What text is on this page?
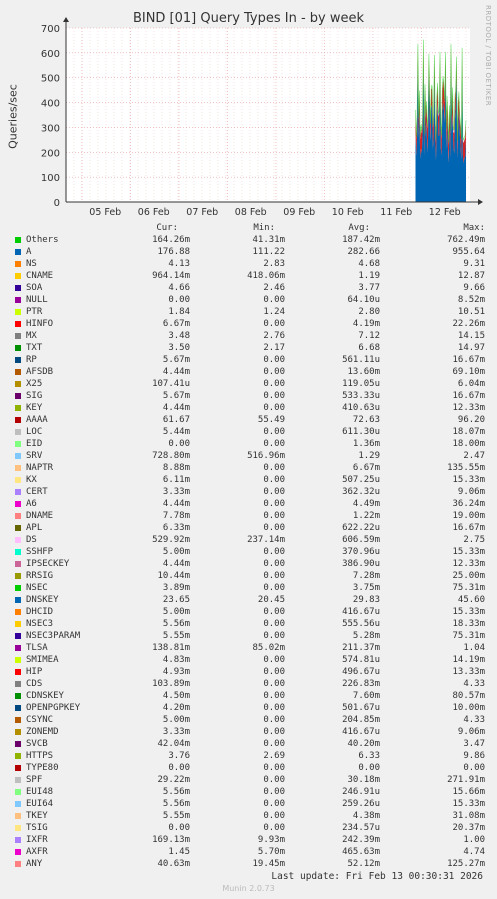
0
100
200
300
400
500
600
700
05 Feb 06 Feb 07 Feb 08 Feb 09 Feb 10 Feb 11 Feb 12 Feb
BIND [01] Query Types In - by week	RRDTOOL / TOBI OETIKER
Queries/sec
Cur:	Min:	Avg:	Max:
Others	164.26m	41.31m	187.42m	762.49m
A	176.88	111.22	282.66	955.64
NS	4.13	2.83	4.68	9.31
CNAME	964.14m	418.06m	1.19	12.87
SOA	4.66	2.46	3.77	9.66
NULL	0.00	0.00	64.10u	8.52m
PTR	1.84	1.24	2.80	10.51
HINFO	6.67m	0.00	4.19m	22.26m
MX	3.48	2.76	7.12	14.15
TXT	3.50	2.17	6.68	14.97
RP	5.67m	0.00	561.11u	16.67m
AFSDB	4.44m	0.00	13.60m	69.10m
X25	107.41u	0.00	119.05u	6.04m
SIG	5.67m	0.00	533.33u	16.67m
KEY	4.44m	0.00	410.63u	12.33m
AAAA	61.67	55.49	72.63	96.20
LOC	5.44m	0.00	611.30u	18.07m
EID	0.00	0.00	1.36m	18.00m
SRV	728.80m	516.96m	1.29	2.47
NAPTR	8.88m	0.00	6.67m	135.55m
KX	6.11m	0.00	507.25u	15.33m
CERT	3.33m	0.00	362.32u	9.06m
A6	4.44m	0.00	4.49m	36.24m
DNAME	7.78m	0.00	1.22m	19.00m
APL	6.33m	0.00	622.22u	16.67m
DS	529.92m	237.14m	606.59m	2.75
SSHFP	5.00m	0.00	370.96u	15.33m
IPSECKEY	4.44m	0.00	386.90u	12.33m
RRSIG	10.44m	0.00	7.28m	25.00m
NSEC	3.89m	0.00	3.75m	75.31m
DNSKEY	23.65	20.45	29.83	45.60
DHCID	5.00m	0.00	416.67u	15.33m
NSEC3	5.56m	0.00	555.56u	18.33m
NSEC3PARAM	5.55m	0.00	5.28m	75.31m
TLSA	138.81m	85.02m	211.37m	1.04
SMIMEA	4.83m	0.00	574.81u	14.19m
HIP	4.93m	0.00	496.67u	13.33m
CDS	103.89m	0.00	226.83m	4.33
CDNSKEY	4.50m	0.00	7.60m	80.57m
OPENPGPKEY	4.20m	0.00	501.67u	10.00m
CSYNC	5.00m	0.00	204.85m	4.33
ZONEMD	3.33m	0.00	416.67u	9.06m
SVCB	42.04m	0.00	40.20m	3.47
HTTPS	3.76	2.69	6.33	9.86
TYPE80	0.00	0.00	0.00	0.00
SPF	29.22m	0.00	30.18m	271.91m
EUI48	5.56m	0.00	246.91u	15.66m
EUI64	5.56m	0.00	259.26u	15.33m
TKEY	5.55m	0.00	4.38m	31.08m
TSIG	0.00	0.00	234.57u	20.37m
IXFR	169.13m	9.93m	242.39m	1.00
AXFR	1.45	5.70m	465.63m	4.74
ANY	40.63m	19.45m	52.12m	125.27m
Last update: Fri Feb 13 00:30:31 2026
Munin 2.0.73
